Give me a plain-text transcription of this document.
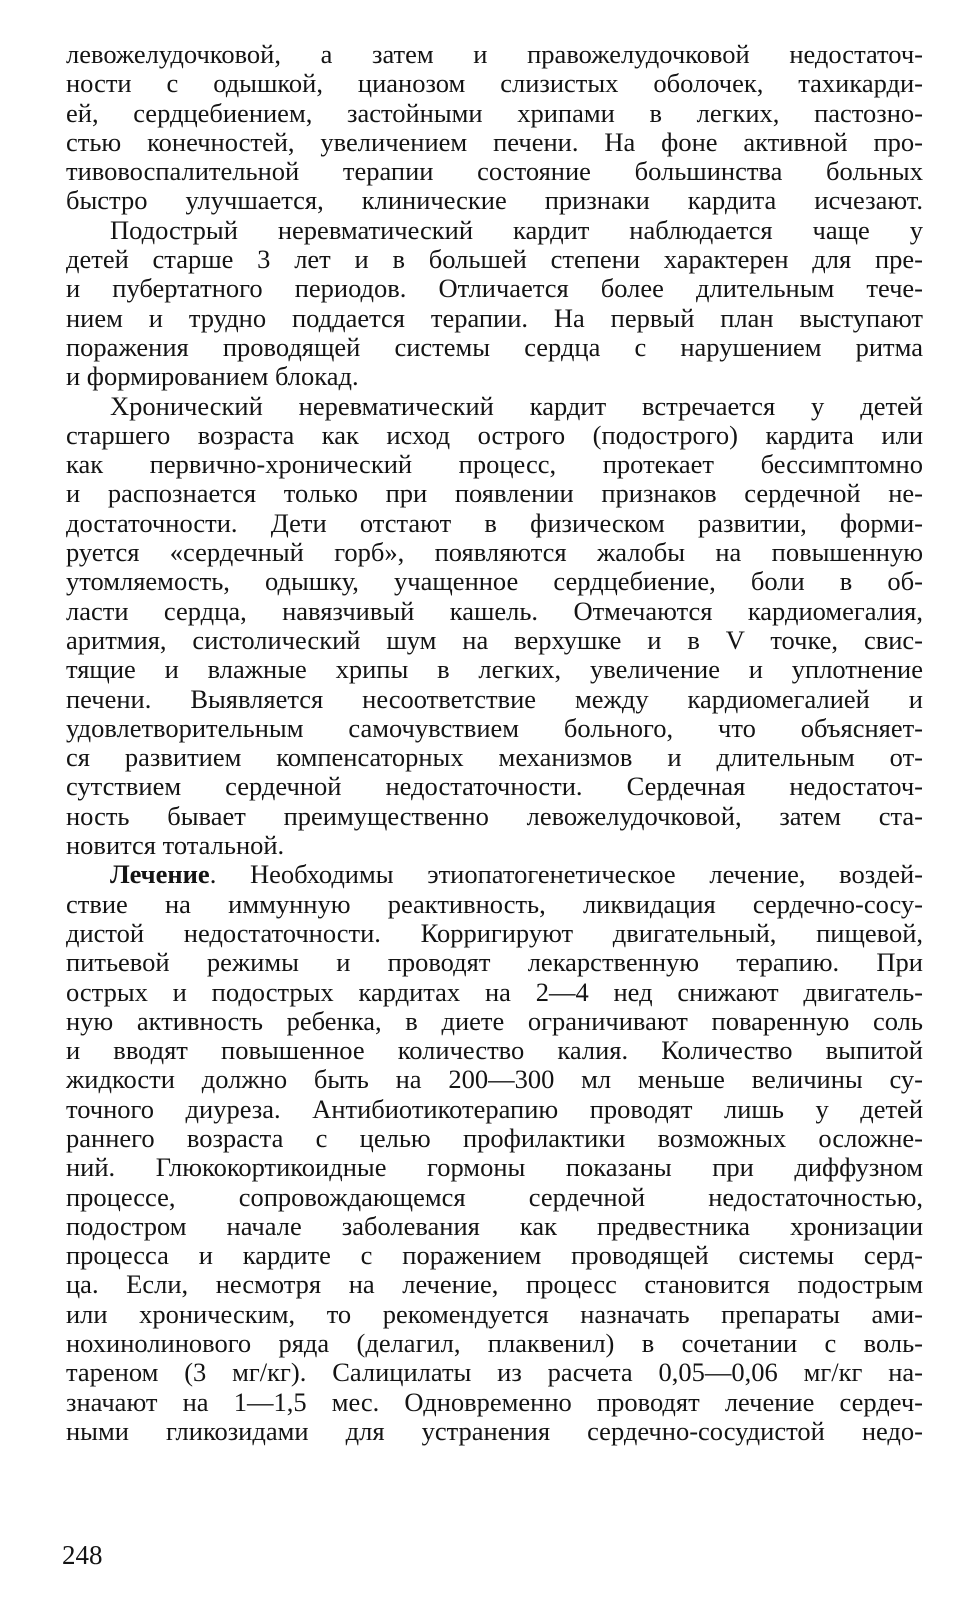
левожелудочковой, а затем и правожелудочковой недостаточ-
ности с одышкой, цианозом слизистых оболочек, тахикарди-
ей, сердцебиением, застойными хрипами в легких, пастозно-
стью конечностей, увеличением печени. На фоне активной про-
тивовоспалительной терапии состояние большинства больных
быстро улучшается, клинические признаки кардита исчезают.
Подострый неревматический кардит наблюдается чаще у
детей старше 3 лет и в большей степени характерен для пре-
и пубертатного периодов. Отличается более длительным тече-
нием и трудно поддается терапии. На первый план выступают
поражения проводящей системы сердца с нарушением ритма
и формированием блокад.
Хронический неревматический кардит встречается у детей
старшего возраста как исход острого (подострого) кардита или
как первично-хронический процесс, протекает бессимптомно
и распознается только при появлении признаков сердечной не-
достаточности. Дети отстают в физическом развитии, форми-
руется «сердечный горб», появляются жалобы на повышенную
утомляемость, одышку, учащенное сердцебиение, боли в об-
ласти сердца, навязчивый кашель. Отмечаются кардиомегалия,
аритмия, систолический шум на верхушке и в V точке, свис-
тящие и влажные хрипы в легких, увеличение и уплотнение
печени. Выявляется несоответствие между кардиомегалией и
удовлетворительным самочувствием больного, что объясняет-
ся развитием компенсаторных механизмов и длительным от-
сутствием сердечной недостаточности. Сердечная недостаточ-
ность бывает преимущественно левожелудочковой, затем ста-
новится тотальной.
Лечение. Необходимы этиопатогенетическое лечение, воздей-
ствие на иммунную реактивность, ликвидация сердечно-сосу-
дистой недостаточности. Корригируют двигательный, пищевой,
питьевой режимы и проводят лекарственную терапию. При
острых и подострых кардитах на 2—4 нед снижают двигатель-
ную активность ребенка, в диете ограничивают поваренную соль
и вводят повышенное количество калия. Количество выпитой
жидкости должно быть на 200—300 мл меньше величины су-
точного диуреза. Антибиотикотерапию проводят лишь у детей
раннего возраста с целью профилактики возможных осложне-
ний. Глюкокортикоидные гормоны показаны при диффузном
процессе, сопровождающемся сердечной недостаточностью,
подостром начале заболевания как предвестника хронизации
процесса и кардите с поражением проводящей системы серд-
ца. Если, несмотря на лечение, процесс становится подострым
или хроническим, то рекомендуется назначать препараты ами-
нохинолинового ряда (делагил, плаквенил) в сочетании с воль-
тареном (3 мг/кг). Салицилаты из расчета 0,05—0,06 мг/кг на-
значают на 1—1,5 мес. Одновременно проводят лечение сердеч-
ными гликозидами для устранения сердечно-сосудистой недо-
248
